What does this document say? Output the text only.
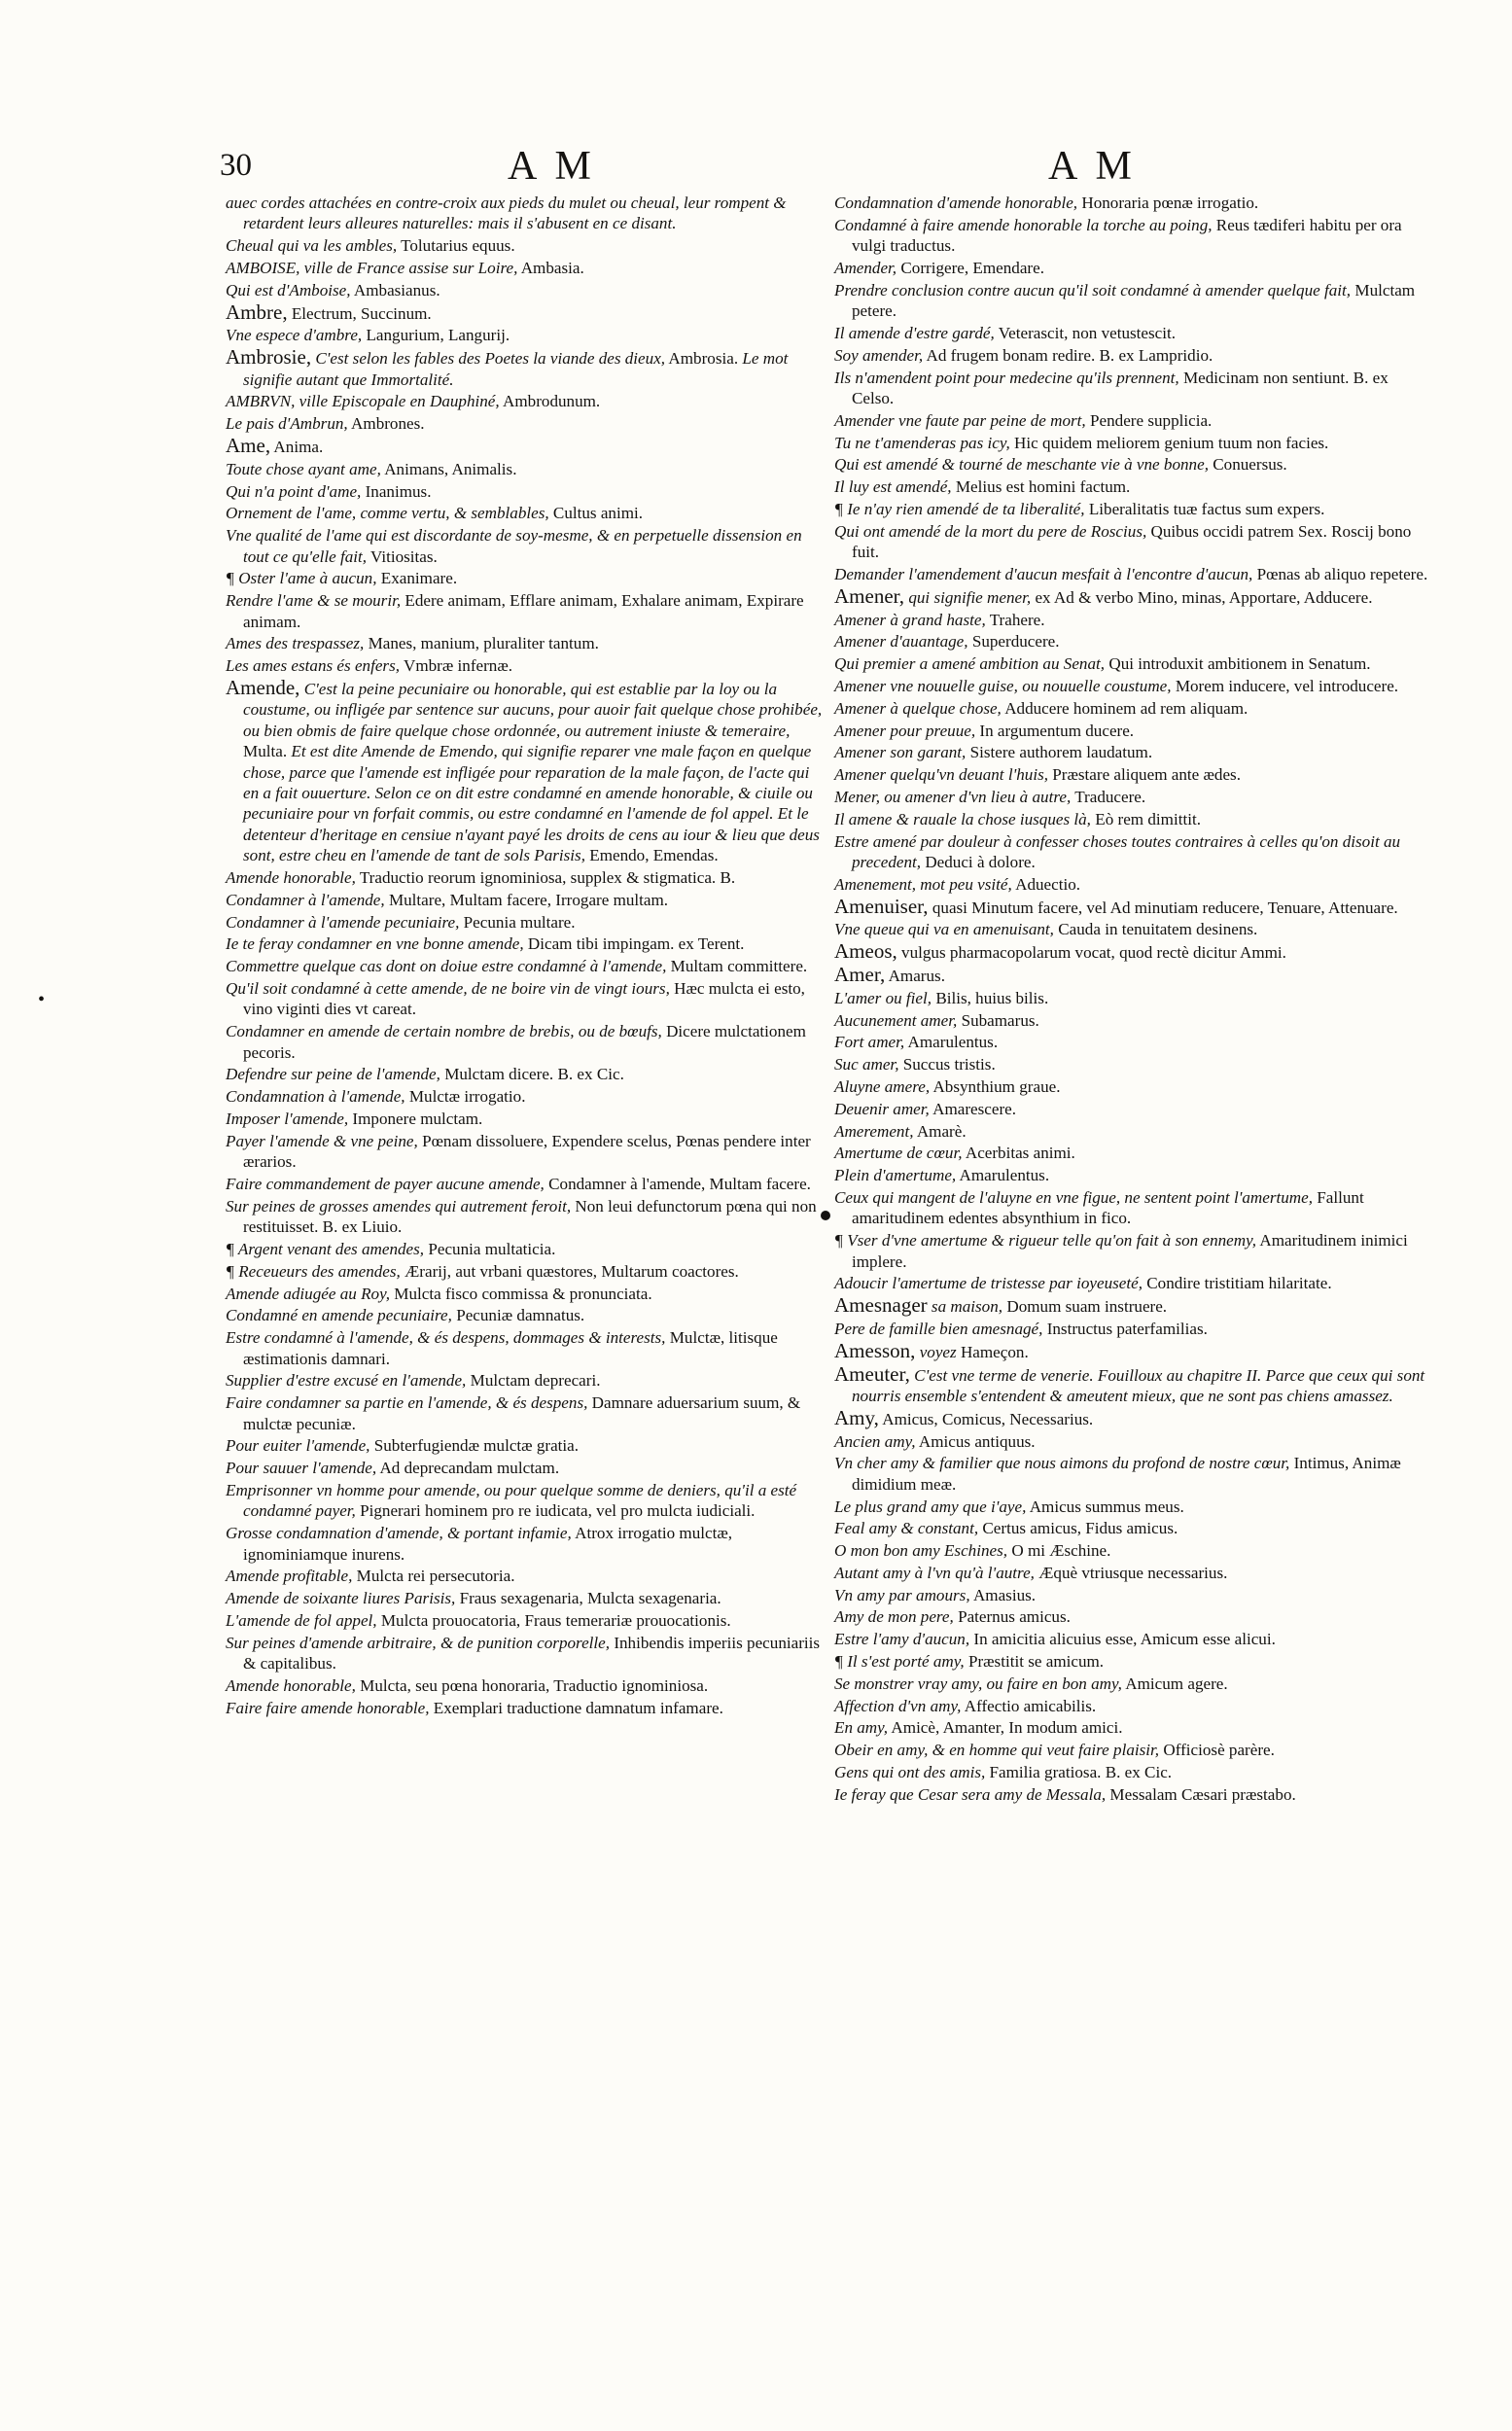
30	A M	A M
•

auec cordes attachées en contre-croix aux pieds du mulet ou cheual, leur rompent & retardent leurs alleures naturelles: mais il s'abusent en ce disant.

Cheual qui va les ambles, Tolutarius equus.

AMBOISE, ville de France assise sur Loire, Ambasia.

Qui est d'Amboise, Ambasianus.

Ambre, Electrum, Succinum.

Vne espece d'ambre, Langurium, Langurij.

Ambrosie, C'est selon les fables des Poetes la viande des dieux, Ambrosia. Le mot signifie autant que Immortalité.

AMBRVN, ville Episcopale en Dauphiné, Ambrodunum.

Le pais d'Ambrun, Ambrones.

Ame, Anima.

Toute chose ayant ame, Animans, Animalis.

Qui n'a point d'ame, Inanimus.

Ornement de l'ame, comme vertu, & semblables, Cultus animi.

Vne qualité de l'ame qui est discordante de soy-mesme, & en perpetuelle dissension en tout ce qu'elle fait, Vitiositas.

¶ Oster l'ame à aucun, Exanimare.

Rendre l'ame & se mourir, Edere animam, Efflare animam, Exhalare animam, Expirare animam.

Ames des trespassez, Manes, manium, pluraliter tantum.

Les ames estans és enfers, Vmbræ infernæ.

Amende, C'est la peine pecuniaire ou honorable, qui est establie par la loy ou la coustume, ou infligée par sentence sur aucuns, pour auoir fait quelque chose prohibée, ou bien obmis de faire quelque chose ordonnée, ou autrement iniuste & temeraire, Multa. Et est dite Amende de Emendo, qui signifie reparer vne male façon en quelque chose, parce que l'amende est infligée pour reparation de la male façon, de l'acte qui en a fait ouuerture. Selon ce on dit estre condamné en amende honorable, & ciuile ou pecuniaire pour vn forfait commis, ou estre condamné en l'amende de fol appel. Et le detenteur d'heritage en censiue n'ayant payé les droits de cens au iour & lieu que deus sont, estre cheu en l'amende de tant de sols Parisis, Emendo, Emendas.

Amende honorable, Traductio reorum ignominiosa, supplex & stigmatica. B.

Condamner à l'amende, Multare, Multam facere, Irrogare multam.

Condamner à l'amende pecuniaire, Pecunia multare.

Ie te feray condamner en vne bonne amende, Dicam tibi impingam. ex Terent.

Commettre quelque cas dont on doiue estre condamné à l'amende, Multam committere.

Qu'il soit condamné à cette amende, de ne boire vin de vingt iours, Hæc mulcta ei esto, vino viginti dies vt careat.

Condamner en amende de certain nombre de brebis, ou de bœufs, Dicere mulctationem pecoris.

Defendre sur peine de l'amende, Mulctam dicere. B. ex Cic.

Condamnation à l'amende, Mulctæ irrogatio.

Imposer l'amende, Imponere mulctam.

Payer l'amende & vne peine, Pœnam dissoluere, Expendere scelus, Pœnas pendere inter ærarios.

Faire commandement de payer aucune amende, Condamner à l'amende, Multam facere.

Sur peines de grosses amendes qui autrement feroit, Non leui defunctorum pœna qui non restituisset. B. ex Liuio.

¶ Argent venant des amendes, Pecunia multaticia.

¶ Receueurs des amendes, Ærarij, aut vrbani quæstores, Multarum coactores.

Amende adiugée au Roy, Mulcta fisco commissa & pronunciata.

Condamné en amende pecuniaire, Pecuniæ damnatus.

Estre condamné à l'amende, & és despens, dommages & interests, Mulctæ, litisque æstimationis damnari.

Supplier d'estre excusé en l'amende, Mulctam deprecari.

Faire condamner sa partie en l'amende, & és despens, Damnare aduersarium suum, & mulctæ pecuniæ.

Pour euiter l'amende, Subterfugiendæ mulctæ gratia.

Pour sauuer l'amende, Ad deprecandam mulctam.

Emprisonner vn homme pour amende, ou pour quelque somme de deniers, qu'il a esté condamné payer, Pignerari hominem pro re iudicata, vel pro mulcta iudiciali.

Grosse condamnation d'amende, & portant infamie, Atrox irrogatio mulctæ, ignominiamque inurens.

Amende profitable, Mulcta rei persecutoria.

Amende de soixante liures Parisis, Fraus sexagenaria, Mulcta sexagenaria.

L'amende de fol appel, Mulcta prouocatoria, Fraus temerariæ prouocationis.

Sur peines d'amende arbitraire, & de punition corporelle, Inhibendis imperiis pecuniariis & capitalibus.

Amende honorable, Mulcta, seu pœna honoraria, Traductio ignominiosa.

Faire faire amende honorable, Exemplari traductione damnatum infamare.

Condamnation d'amende honorable, Honoraria pœnæ irrogatio.

Condamné à faire amende honorable la torche au poing, Reus tædiferi habitu per ora vulgi traductus.

Amender, Corrigere, Emendare.

Prendre conclusion contre aucun qu'il soit condamné à amender quelque fait, Mulctam petere.

Il amende d'estre gardé, Veterascit, non vetustescit.

Soy amender, Ad frugem bonam redire. B. ex Lampridio.

Ils n'amendent point pour medecine qu'ils prennent, Medicinam non sentiunt. B. ex Celso.

Amender vne faute par peine de mort, Pendere supplicia.

Tu ne t'amenderas pas icy, Hic quidem meliorem genium tuum non facies.

Qui est amendé & tourné de meschante vie à vne bonne, Conuersus.

Il luy est amendé, Melius est homini factum.

¶ Ie n'ay rien amendé de ta liberalité, Liberalitatis tuæ factus sum expers.

Qui ont amendé de la mort du pere de Roscius, Quibus occidi patrem Sex. Roscij bono fuit.

Demander l'amendement d'aucun mesfait à l'encontre d'aucun, Pœnas ab aliquo repetere.

Amener, qui signifie mener, ex Ad & verbo Mino, minas, Apportare, Adducere.

Amener à grand haste, Trahere.

Amener d'auantage, Superducere.

Qui premier a amené ambition au Senat, Qui introduxit ambitionem in Senatum.

Amener vne nouuelle guise, ou nouuelle coustume, Morem inducere, vel introducere.

Amener à quelque chose, Adducere hominem ad rem aliquam.

Amener pour preuue, In argumentum ducere.

Amener son garant, Sistere authorem laudatum.

Amener quelqu'vn deuant l'huis, Præstare aliquem ante ædes.

Mener, ou amener d'vn lieu à autre, Traducere.

Il amene & rauale la chose iusques là, Eò rem dimittit.

Estre amené par douleur à confesser choses toutes contraires à celles qu'on disoit au precedent, Deduci à dolore.

Amenement, mot peu vsité, Aduectio.

Amenuiser, quasi Minutum facere, vel Ad minutiam reducere, Tenuare, Attenuare.

Vne queue qui va en amenuisant, Cauda in tenuitatem desinens.

Ameos, vulgus pharmacopolarum vocat, quod rectè dicitur Ammi.

Amer, Amarus.

L'amer ou fiel, Bilis, huius bilis.

Aucunement amer, Subamarus.

Fort amer, Amarulentus.

Suc amer, Succus tristis.

Aluyne amere, Absynthium graue.

Deuenir amer, Amarescere.

Amerement, Amarè.

Amertume de cœur, Acerbitas animi.

Plein d'amertume, Amarulentus.

Ceux qui mangent de l'aluyne en vne figue, ne sentent point l'amertume, Fallunt amaritudinem edentes absynthium in fico.

¶ Vser d'vne amertume & rigueur telle qu'on fait à son ennemy, Amaritudinem inimici implere.

Adoucir l'amertume de tristesse par ioyeuseté, Condire tristitiam hilaritate.

Amesnager sa maison, Domum suam instruere.

Pere de famille bien amesnagé, Instructus paterfamilias.

Amesson, voyez Hameçon.

Ameuter, C'est vne terme de venerie. Fouilloux au chapitre II. Parce que ceux qui sont nourris ensemble s'entendent & ameutent mieux, que ne sont pas chiens amassez.

Amy, Amicus, Comicus, Necessarius.

Ancien amy, Amicus antiquus.

Vn cher amy & familier que nous aimons du profond de nostre cœur, Intimus, Animæ dimidium meæ.

Le plus grand amy que i'aye, Amicus summus meus.

Feal amy & constant, Certus amicus, Fidus amicus.

O mon bon amy Eschines, O mi Æschine.

Autant amy à l'vn qu'à l'autre, Æquè vtriusque necessarius.

Vn amy par amours, Amasius.

Amy de mon pere, Paternus amicus.

Estre l'amy d'aucun, In amicitia alicuius esse, Amicum esse alicui.

¶ Il s'est porté amy, Præstitit se amicum.

Se monstrer vray amy, ou faire en bon amy, Amicum agere.

Affection d'vn amy, Affectio amicabilis.

En amy, Amicè, Amanter, In modum amici.

Obeir en amy, & en homme qui veut faire plaisir, Officiosè parère.

Gens qui ont des amis, Familia gratiosa. B. ex Cic.

Ie feray que Cesar sera amy de Messala, Messalam Cæsari præstabo.
